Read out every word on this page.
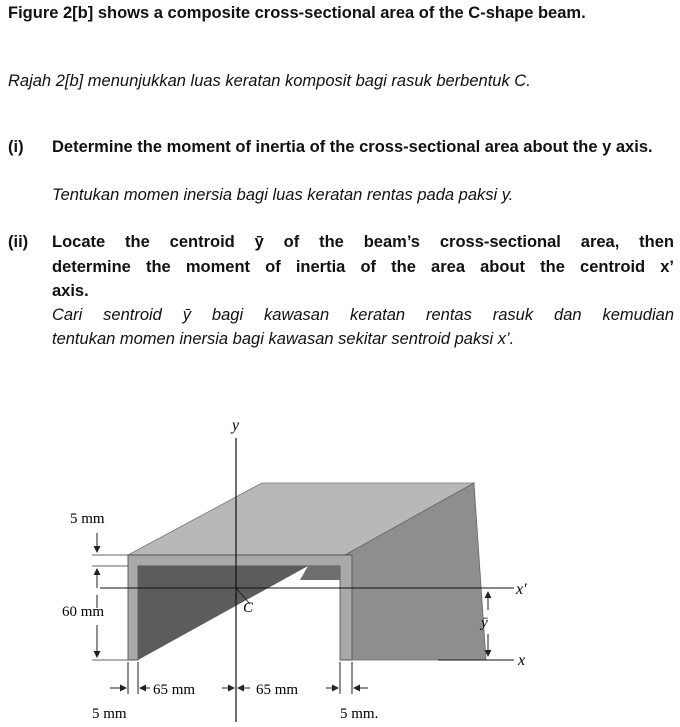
Figure 2[b] shows a composite cross-sectional area of the C-shape beam.
Rajah 2[b] menunjukkan luas keratan komposit bagi rasuk berbentuk C.
(i) Determine the moment of inertia of the cross-sectional area about the y axis.
Tentukan momen inersia bagi luas keratan rentas pada paksi y.
(ii) Locate the centroid ȳ of the beam’s cross-sectional area, then
determine the moment of inertia of the area about the centroid x’
axis.
Cari sentroid ȳ bagi kawasan keratan rentas rasuk dan kemudian
tentukan momen inersia bagi kawasan sekitar sentroid paksi x’.
y
x′
x
C
ȳ
5 mm
60 mm
65 mm	65 mm
5 mm	5 mm.
